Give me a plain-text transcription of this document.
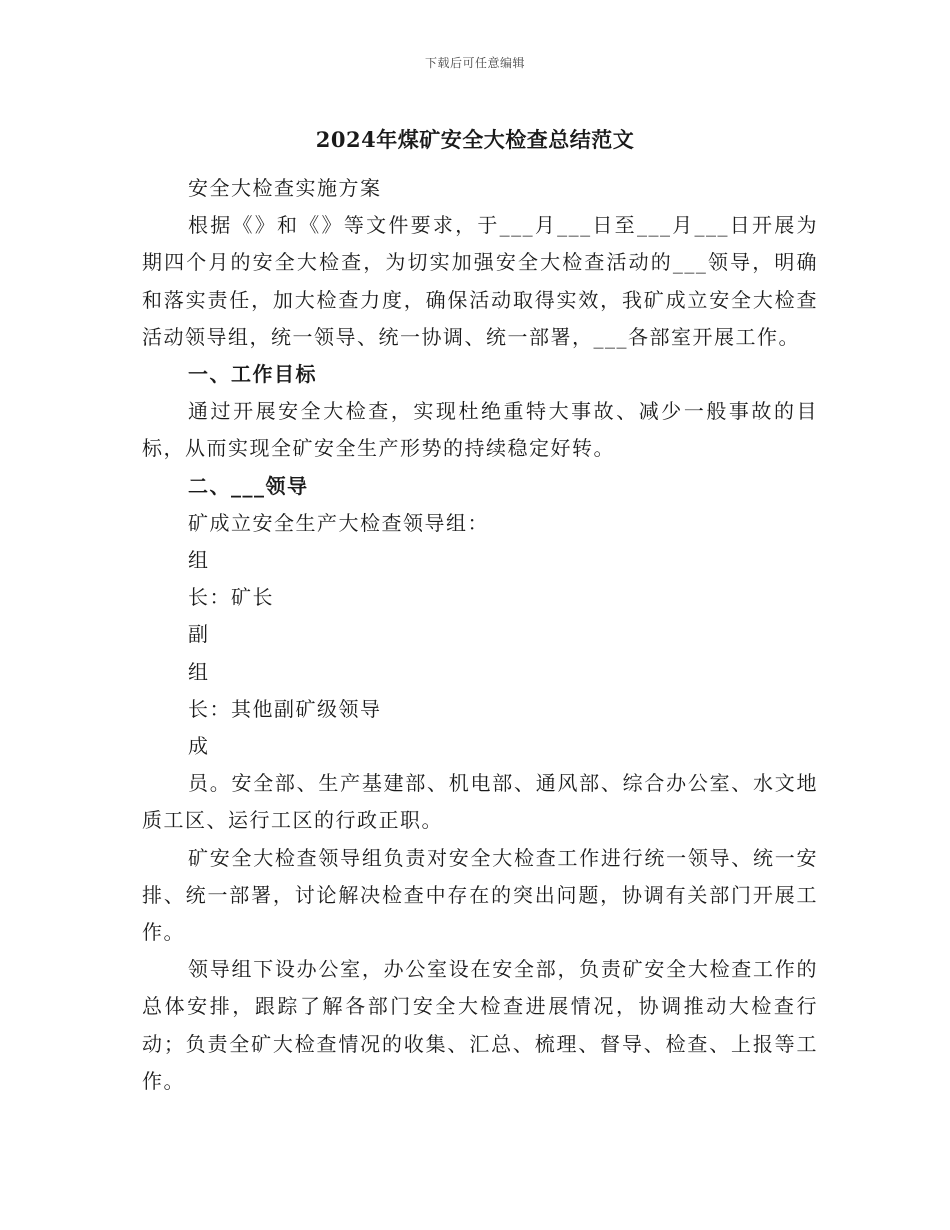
下载后可任意编辑
2024年煤矿安全大检查总结范文

安全大检查实施方案

根据《》和《》等文件要求，于___月___日至___月___日开展为期四个月的安全大检查，为切实加强安全大检查活动的___领导，明确和落实责任，加大检查力度，确保活动取得实效，我矿成立安全大检查活动领导组，统一领导、统一协调、统一部署，___各部室开展工作。

一、工作目标

通过开展安全大检查，实现杜绝重特大事故、减少一般事故的目标，从而实现全矿安全生产形势的持续稳定好转。

二、___领导

矿成立安全生产大检查领导组：

组

长：矿长

副

组

长：其他副矿级领导

成

员。安全部、生产基建部、机电部、通风部、综合办公室、水文地质工区、运行工区的行政正职。

矿安全大检查领导组负责对安全大检查工作进行统一领导、统一安排、统一部署，讨论解决检查中存在的突出问题，协调有关部门开展工作。

领导组下设办公室，办公室设在安全部，负责矿安全大检查工作的总体安排，跟踪了解各部门安全大检查进展情况，协调推动大检查行动；负责全矿大检查情况的收集、汇总、梳理、督导、检查、上报等工作。
